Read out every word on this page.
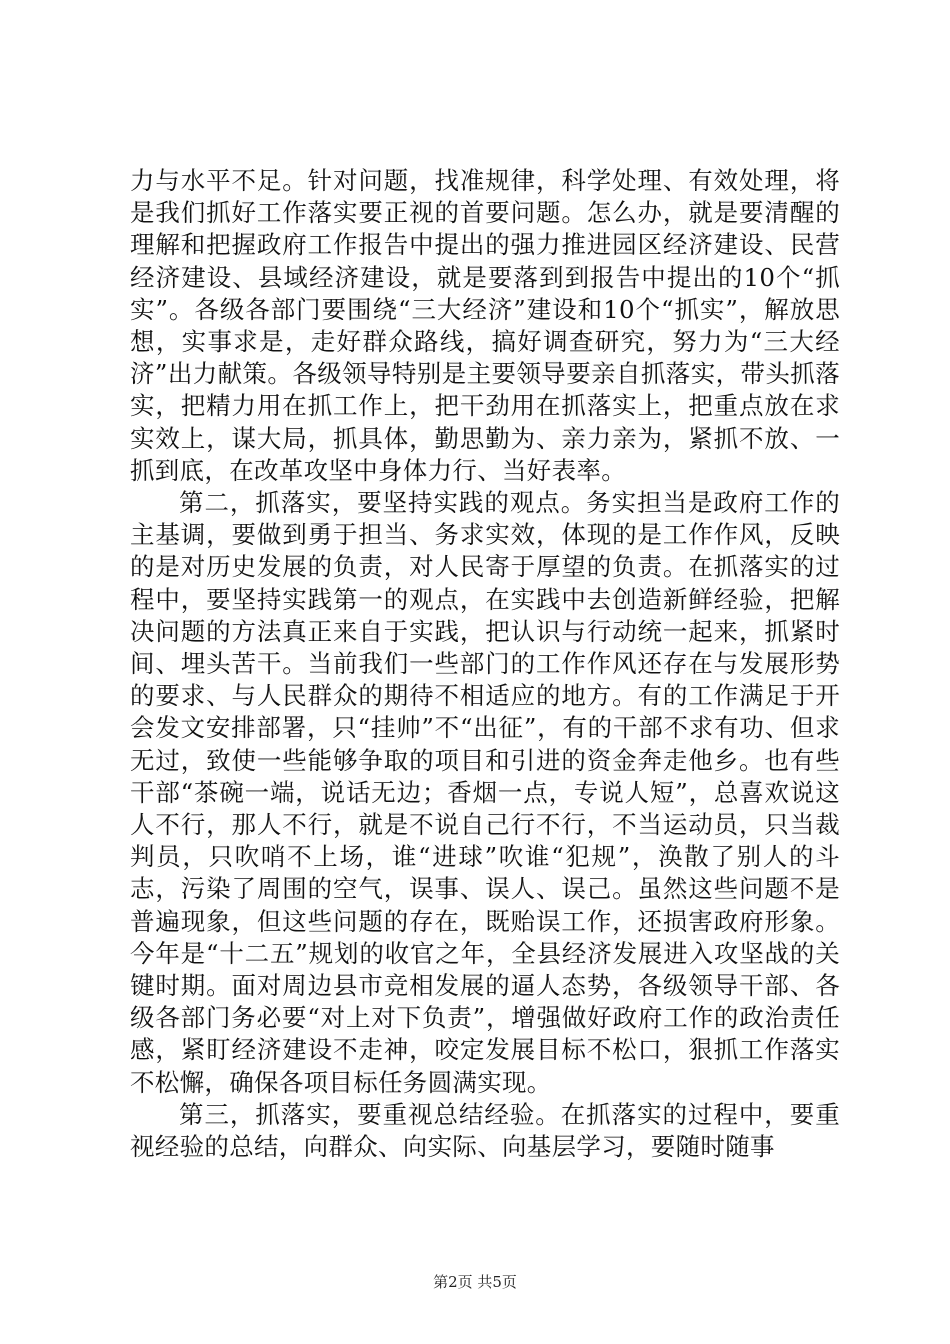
力与水平不足。针对问题，找准规律，科学处理、有效处理，将是我们抓好工作落实要正视的首要问题。怎么办，就是要清醒的理解和把握政府工作报告中提出的强力推进园区经济建设、民营经济建设、县域经济建设，就是要落到到报告中提出的10个“抓实”。各级各部门要围绕“三大经济”建设和10个“抓实”，解放思想，实事求是，走好群众路线，搞好调查研究，努力为“三大经济”出力献策。各级领导特别是主要领导要亲自抓落实，带头抓落实，把精力用在抓工作上，把干劲用在抓落实上，把重点放在求实效上，谋大局，抓具体，勤思勤为、亲力亲为，紧抓不放、一抓到底，在改革攻坚中身体力行、当好表率。

第二，抓落实，要坚持实践的观点。务实担当是政府工作的主基调，要做到勇于担当、务求实效，体现的是工作作风，反映的是对历史发展的负责，对人民寄于厚望的负责。在抓落实的过程中，要坚持实践第一的观点，在实践中去创造新鲜经验，把解决问题的方法真正来自于实践，把认识与行动统一起来，抓紧时间、埋头苦干。当前我们一些部门的工作作风还存在与发展形势的要求、与人民群众的期待不相适应的地方。有的工作满足于开会发文安排部署，只“挂帅”不“出征”，有的干部不求有功、但求无过，致使一些能够争取的项目和引进的资金奔走他乡。也有些干部“茶碗一端，说话无边；香烟一点，专说人短”，总喜欢说这人不行，那人不行，就是不说自己行不行，不当运动员，只当裁判员，只吹哨不上场，谁“进球”吹谁“犯规”，涣散了别人的斗志，污染了周围的空气，误事、误人、误己。虽然这些问题不是普遍现象，但这些问题的存在，既贻误工作，还损害政府形象。今年是“十二五”规划的收官之年，全县经济发展进入攻坚战的关键时期。面对周边县市竞相发展的逼人态势，各级领导干部、各级各部门务必要“对上对下负责”，增强做好政府工作的政治责任感，紧盯经济建设不走神，咬定发展目标不松口，狠抓工作落实不松懈，确保各项目标任务圆满实现。

第三，抓落实，要重视总结经验。在抓落实的过程中，要重视经验的总结，向群众、向实际、向基层学习，要随时随事

第2页 共5页
